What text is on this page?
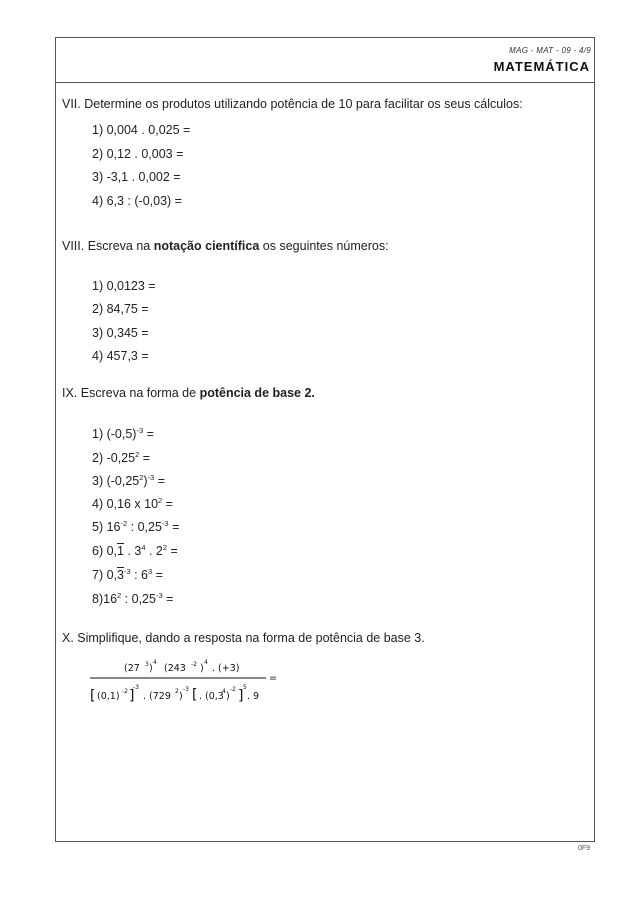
MAG - MAT - 09 - 4/9
MATEMÁTICA
VII. Determine os produtos utilizando potência de 10 para facilitar os seus cálculos:
1) 0,004 . 0,025 =
2) 0,12 . 0,003 =
3) -3,1 . 0,002 =
4) 6,3 : (-0,03) =
VIII. Escreva na notação científica os seguintes números:
1) 0,0123 =
2) 84,75 =
3) 0,345 =
4) 457,3 =
IX. Escreva na forma de potência de base 2.
1) $(-0,5)^{-3}$ =
2) $-0,25^2$ =
3) $(-0,25^2)^{-3}$ =
4) 0,16 x $10^2$ =
5) $16^{-2}$ : $0,25^{-3}$ =
6) 0,1 . $3^4$ . $2^2$ =
7) $0,3^{-3}$ : $6^3$ =
$8)16^2$ : $0,25^{-3}$ =
X. Simplifique, dando a resposta na forma de potência de base 3.
(27 3 )
4
(243 -2 )
4
. (+3)
[ (0,1) -2 ]
-3
. (729 2 )
-3 [ . (0,3
4 )
-2 ]
5
. 9
=
0F9
